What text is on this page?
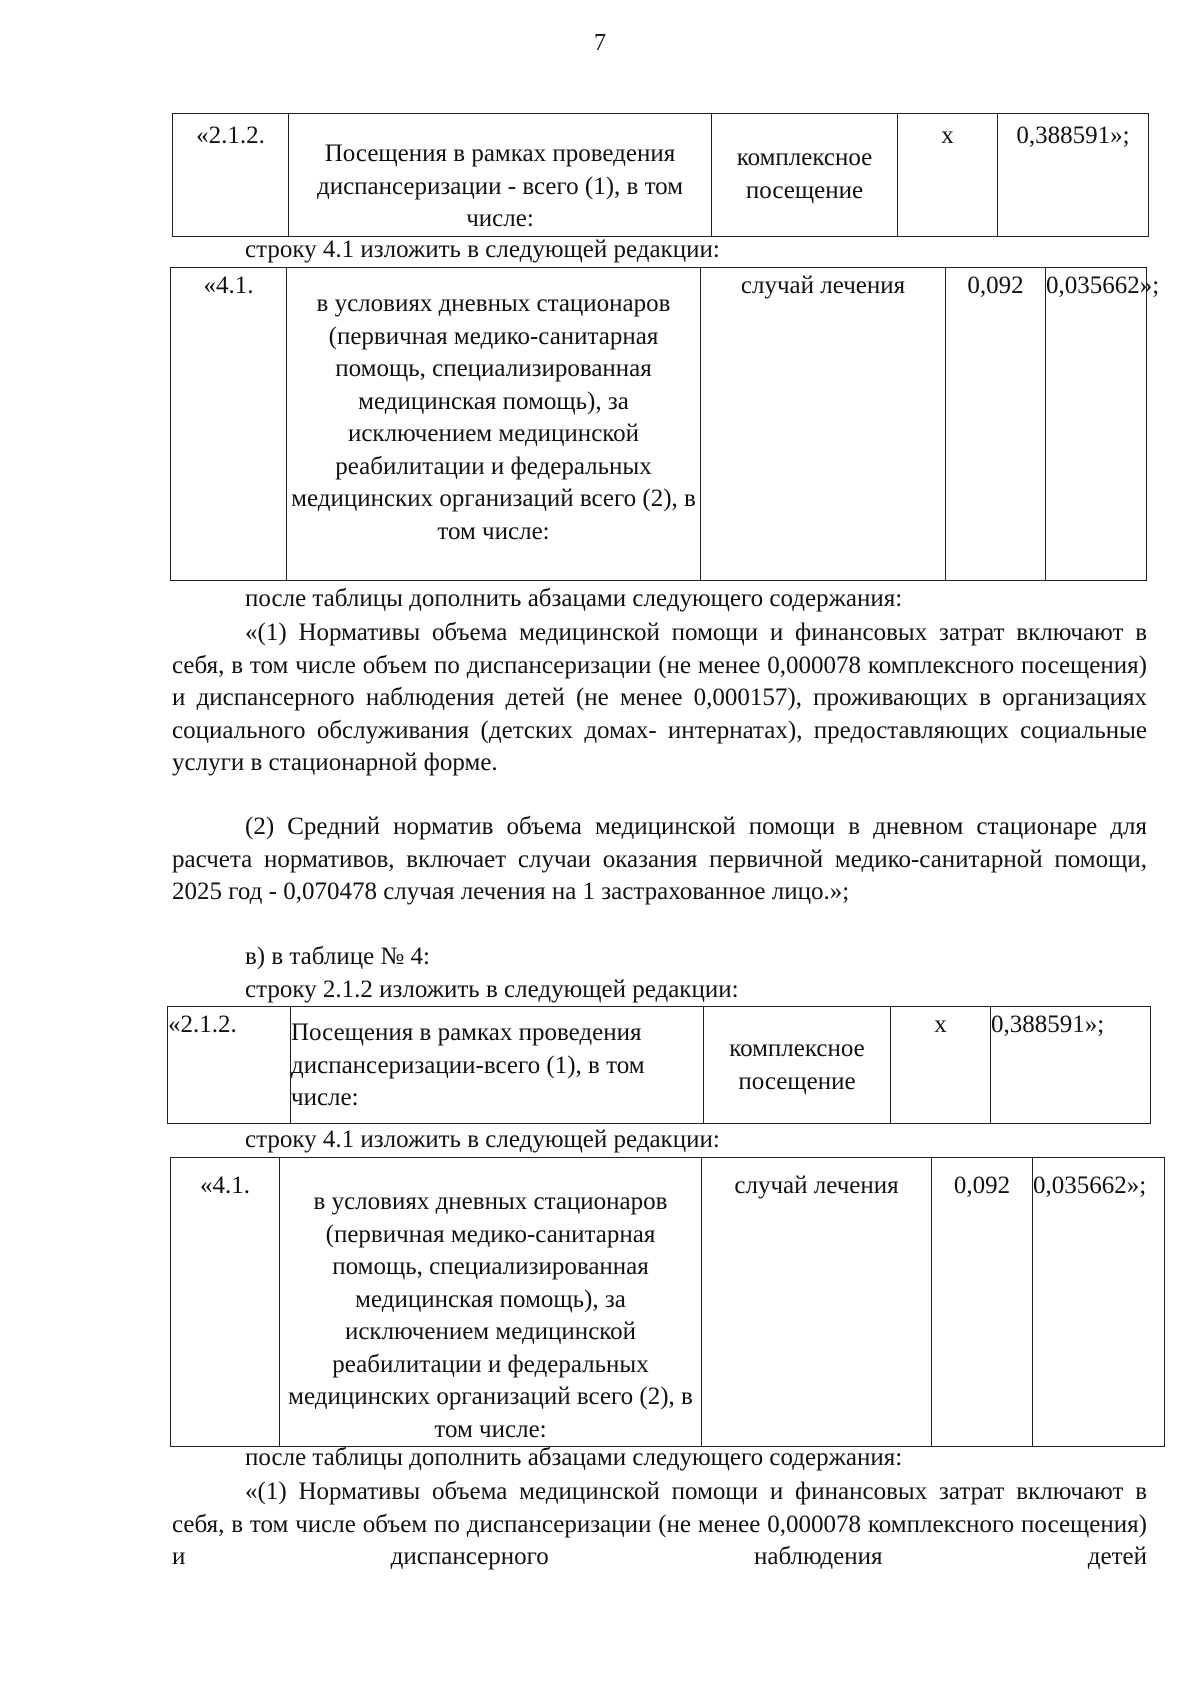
7
«2.1.2.	Посещения в рамках проведения диспансеризации - всего (1), в том числе:	комплексное посещение	х	0,388591»;
строку 4.1 изложить в следующей редакции:
«4.1.	в условиях дневных стационаров (первичная медико-санитарная помощь, специализированная медицинская помощь), за исключением медицинской реабилитации и федеральных медицинских организаций всего (2), в том числе:	случай лечения	0,092	0,035662»;
после таблицы дополнить абзацами следующего содержания:
«(1) Нормативы объема медицинской помощи и финансовых затрат включают в себя, в том числе объем по диспансеризации (не менее 0,000078 комплексного посещения) и диспансерного наблюдения детей (не менее 0,000157), проживающих в организациях социального обслуживания (детских домах- интернатах), предоставляющих социальные услуги в стационарной форме.
(2) Средний норматив объема медицинской помощи в дневном стационаре для расчета нормативов, включает случаи оказания первичной медико-санитарной помощи, 2025 год - 0,070478 случая лечения на 1 застрахованное лицо.»;
в) в таблице № 4:
строку 2.1.2 изложить в следующей редакции:
«2.1.2.	Посещения в рамках проведения диспансеризации-всего (1), в том числе:	комплексное посещение	х	0,388591»;
строку 4.1 изложить в следующей редакции:
«4.1.	в условиях дневных стационаров (первичная медико-санитарная помощь, специализированная медицинская помощь), за исключением медицинской реабилитации и федеральных медицинских организаций всего (2), в том числе:	случай лечения	0,092	0,035662»;
после таблицы дополнить абзацами следующего содержания:
«(1) Нормативы объема медицинской помощи и финансовых затрат включают в себя, в том числе объем по диспансеризации (не менее 0,000078 комплексного посещения) и диспансерного наблюдения детей
